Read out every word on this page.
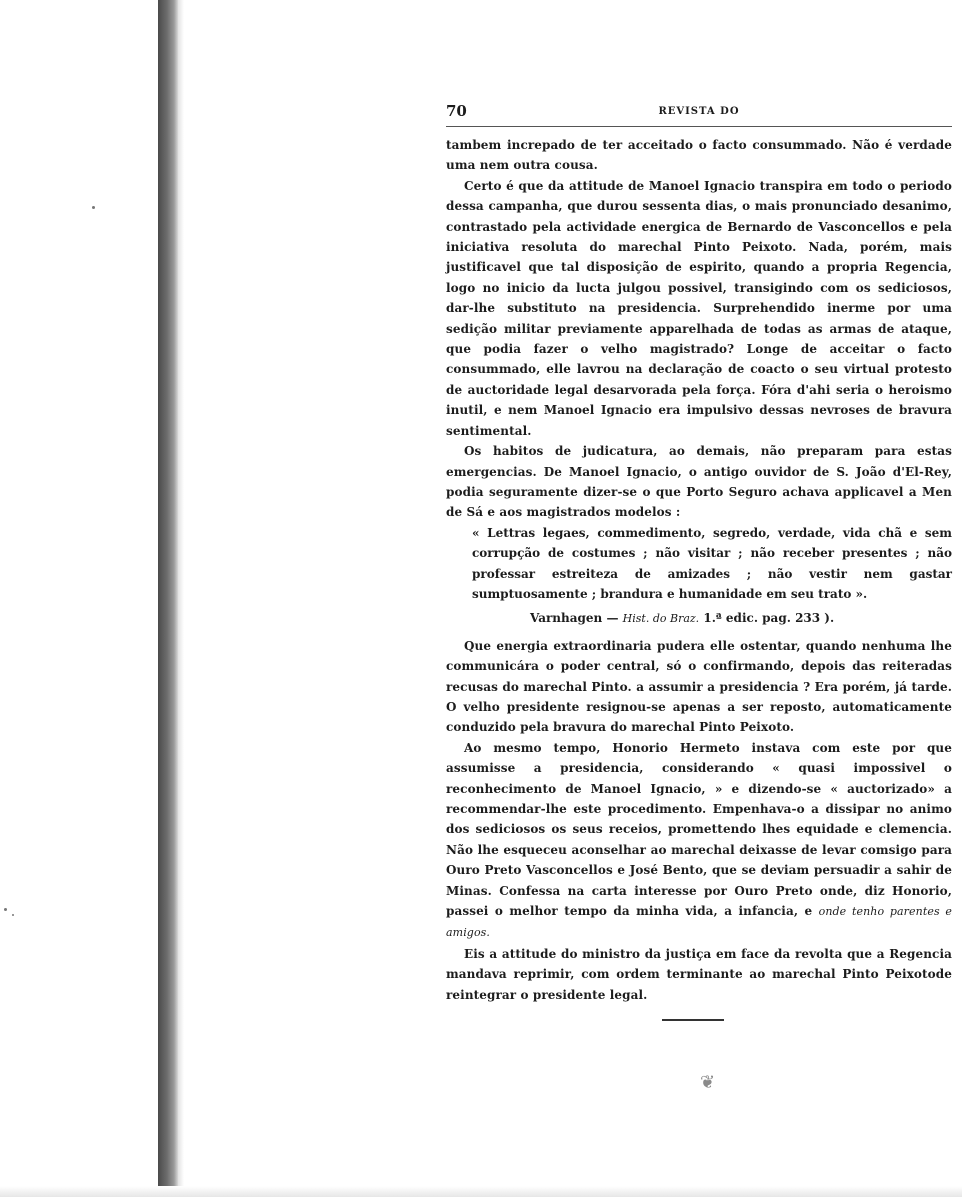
70	REVISTA DO

tambem increpado de ter acceitado o facto consummado. Não é verdade uma nem outra cousa.

Certo é que da attitude de Manoel Ignacio transpira em todo o periodo dessa campanha, que durou sessenta dias, o mais pronunciado desanimo, contrastado pela actividade energica de Bernardo de Vasconcellos e pela iniciativa resoluta do marechal Pinto Peixoto. Nada, porém, mais justificavel que tal disposição de espirito, quando a propria Regencia, logo no inicio da lucta julgou possivel, transigindo com os sediciosos, dar-lhe substituto na presidencia. Surprehendido inerme por uma sedição militar previamente apparelhada de todas as armas de ataque, que podia fazer o velho magistrado? Longe de acceitar o facto consummado, elle lavrou na declaração de coacto o seu virtual protesto de auctoridade legal desarvorada pela força. Fóra d'ahi seria o heroismo inutil, e nem Manoel Ignacio era impulsivo dessas nevroses de bravura sentimental.

Os habitos de judicatura, ao demais, não preparam para estas emergencias. De Manoel Ignacio, o antigo ouvidor de S. João d'El-Rey, podia seguramente dizer-se o que Porto Seguro achava applicavel a Men de Sá e aos magistrados modelos :

« Lettras legaes, commedimento, segredo, verdade, vida chã e sem corrupção de costumes ; não visitar ; não receber presentes ; não professar estreiteza de amizades ; não vestir nem gastar sumptuosamente ; brandura e humanidade em seu trato ».
Varnhagen — Hist. do Braz. 1.ª edic. pag. 233 ).

Que energia extraordinaria pudera elle ostentar, quando nenhuma lhe communicára o poder central, só o confirmando, depois das reiteradas recusas do marechal Pinto. a assumir a presidencia ? Era porém, já tarde. O velho presidente resignou-se apenas a ser reposto, automaticamente conduzido pela bravura do marechal Pinto Peixoto.

Ao mesmo tempo, Honorio Hermeto instava com este por que assumisse a presidencia, considerando « quasi impossivel o reconhecimento de Manoel Ignacio, » e dizendo-se « auctorizado» a recommendar-lhe este procedimento. Empenhava-o a dissipar no animo dos sediciosos os seus receios, promettendo lhes equidade e clemencia. Não lhe esqueceu aconselhar ao marechal deixasse de levar comsigo para Ouro Preto Vasconcellos e José Bento, que se deviam persuadir a sahir de Minas. Confessa na carta interesse por Ouro Preto onde, diz Honorio, passei o melhor tempo da minha vida, a infancia, e onde tenho parentes e amigos.

Eis a attitude do ministro da justiça em face da revolta que a Regencia mandava reprimir, com ordem terminante ao marechal Pinto Peixotode reintegrar o presidente legal.

❦
